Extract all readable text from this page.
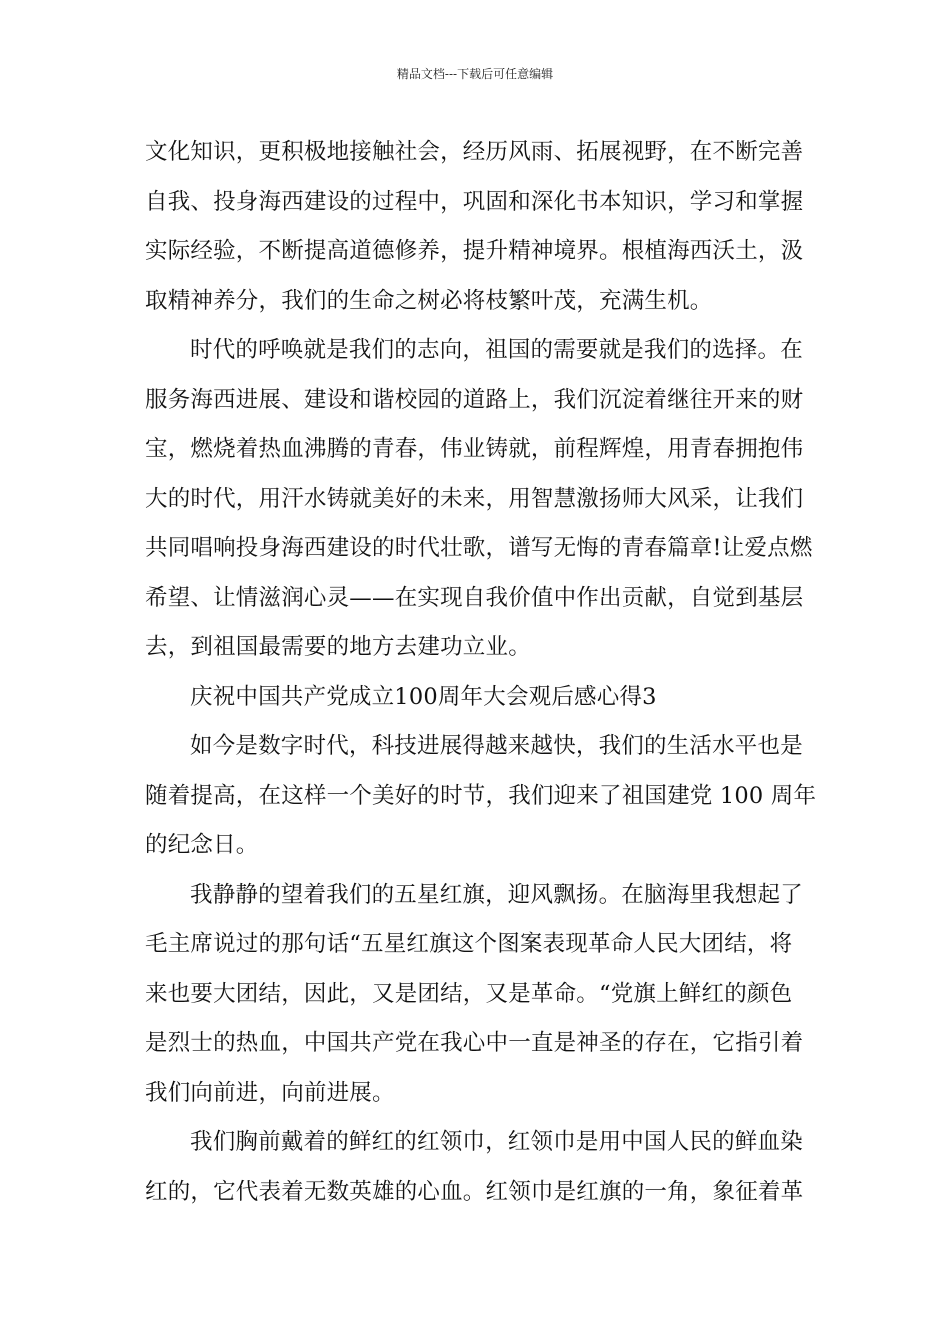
精品文档---下载后可任意编辑
文化知识，更积极地接触社会，经历风雨、拓展视野，在不断完善
自我、投身海西建设的过程中，巩固和深化书本知识，学习和掌握
实际经验，不断提高道德修养，提升精神境界。根植海西沃土，汲
取精神养分，我们的生命之树必将枝繁叶茂，充满生机。
时代的呼唤就是我们的志向，祖国的需要就是我们的选择。在
服务海西进展、建设和谐校园的道路上，我们沉淀着继往开来的财
宝，燃烧着热血沸腾的青春，伟业铸就，前程辉煌，用青春拥抱伟
大的时代，用汗水铸就美好的未来，用智慧激扬师大风采，让我们
共同唱响投身海西建设的时代壮歌，谱写无悔的青春篇章!让爱点燃
希望、让情滋润心灵——在实现自我价值中作出贡献，自觉到基层
去，到祖国最需要的地方去建功立业。
庆祝中国共产党成立100周年大会观后感心得3
如今是数字时代，科技进展得越来越快，我们的生活水平也是
随着提高，在这样一个美好的时节，我们迎来了祖国建党 100 周年
的纪念日。
我静静的望着我们的五星红旗，迎风飘扬。在脑海里我想起了
毛主席说过的那句话“五星红旗这个图案表现革命人民大团结，将
来也要大团结，因此，又是团结，又是革命。“党旗上鲜红的颜色
是烈士的热血，中国共产党在我心中一直是神圣的存在，它指引着
我们向前进，向前进展。
我们胸前戴着的鲜红的红领巾，红领巾是用中国人民的鲜血染
红的，它代表着无数英雄的心血。红领巾是红旗的一角，象征着革
